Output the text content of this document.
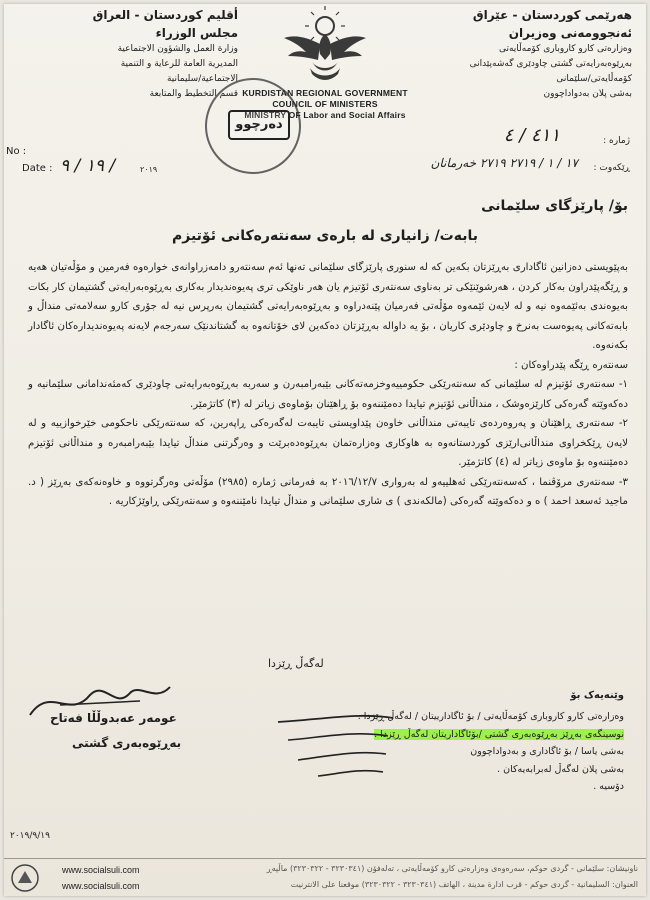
هەرێمی کوردستان - عێراق
ئەنجوومەنی وەزیران
وەزارەتی کارو کاروباری کۆمەڵایەتی
بەڕێوەبەرایەتی گشتی چاودێری گەشەپێدانی
کۆمەڵایەتی/سلێمانی
بەشی پلان بەدواداچوون
أقليم كوردستان - العراق
مجلس الوزراء
وزارة العمل والشؤون الاجتماعية
المديرية العامة للرعاية و التنمية
الاجتماعية/سليمانية
قسم التخطيط والمتابعة KURDISTAN REGIONAL GOVERNMENT
COUNCIL OF MINISTERS
MINISTRY OF Labor and Social Affairs
دەرچوو
No :
Date : ١٩ / ٩ /	٢٠١٩
ژمارە :
٤١١ / ٤
ڕێکەوت :
١٧ / ١ / ٢٧١٩ ٢٧١٩ خەرمانان
بۆ/ پارێزگای سلێمانی
بابەت/ زانیاری لە بارەی سەنتەرەکانی ئۆتیزم

بەپێویستی دەزانین ئاگاداری بەڕێزتان بکەین کە لە سنوری پارێزگای سلێمانی تەنها ئەم سەنتەرو دامەزراوانەی خوارەوە فەرمین و مۆڵەتیان هەیە و ڕێگەپێدراون بەکار کردن ، هەرشوێنێکی تر بەناوی سەنتەری ئۆتیزم یان هەر ناوێکی تری پەیوەندیدار بەکاری بەڕێوەبەرایەتی گشتیمان کار بکات بەیوەندی بەئێمەوە نیە و لە لایەن ئێمەوە مۆڵەتی فەرمیان پێنەدراوە و بەڕێوەبەرایەتی گشتیمان بەرپرس نیە لە جۆری کارو سەلامەتی منداڵ و بابەتەکانی پەیوەست بەنرخ و چاودێری کاریان ، بۆ یە داواله بەڕێزتان دەکەین لای خۆتانەوە بە گشتاندنێک سەرجەم لایەنە پەیوەندیدارەکان ئاگادار بکەنەوە.

سەنتەرە ڕێگە پێدراوەکان :

١- سەنتەری ئۆتیزم لە سلێمانی کە سەنتەرێکی حکومییەوخزمەتەکانی بێبەرامبەرن و سەربە بەڕێوەبەرایەتی چاودێری کەمئەندامانی سلێمانیە و دەکەوێتە گەرەکی کارێزەوشک ، منداڵانی ئۆتیزم تیایدا دەمێننەوە بۆ ڕاهێنان بۆماوەی زیاتر لە (٣) کاتژمێر.

٢- سەنتەری ڕاهێنان و پەروەردەی تایبەتی منداڵانی خاوەن پێداویستی تایبەت لەگەرەکی ڕاپەرین، کە سەنتەرێکی ناحکومی خێرخوازییە و لە لایەن ڕێکخراوی منداڵانی‌ارێزی کوردستانەوە بە هاوکاری وەزارەتمان بەڕێوەدەبرێت و وەرگرتنی منداڵ تیایدا بێبەرامبەرە و منداڵانی ئۆتیزم دەمێننەوە بۆ ماوەی زیاتر لە (٤) کاتژمێر.

٣- سەنتەری مرۆڤنما ، کەسەنتەرێکی ئەهلییەو لە بەرواری ٢٠١٦/١٢/٧ بە فەرمانی ژمارە (٢٩٨٥) مۆڵەتی وەرگرتووە و خاوەنەکەی بەڕێز ( د. ماجید ئەسعد احمد ) ە و دەکەوێتە گەرەکی (مالکەندی ) ی شاری سلێمانی و منداڵ تیایدا نامێننەوە و سەنتەرێکی ڕاوێژکاریە .

لەگەڵ ڕێزدا
عومەر عەبدوڵڵا فەتاح
بەڕێوەبەری گشتی
وێنەیەک بۆ
وەزارەتی کارو کاروباری کۆمەڵایەتی / بۆ ئاگادارییتان / لەگەڵ ڕێزدا .
نوسینگەی بەڕێز بەڕێوەبەری گشتی /بۆئاگاداریتان لەگەڵ ڕێزدا .
بەشی یاسا / بۆ ئاگاداری و بەدواداچوون
بەشی پلان لەگەڵ لەبرابەیەکان .
دۆسیە .
٢٠١٩/٩/١٩
www.socialsuli.com
www.socialsuli.com
ناونیشان: سلێمانی - گردی حوکم، سەرەوەی وەزارەتی کارو کۆمەڵایەتی ، تەلەفۆن (٣٢٣٠٣٤١ - ٣٢٣٠٣٢٢) ماڵپەڕ
العنوان: السليمانية - گردی حوکم - قرب ادارة مدينة ، الهاتف (٣٢٣٠٣٤١ - ٣٢٣٠٣٢٢) موقعنا على الانترنيت
